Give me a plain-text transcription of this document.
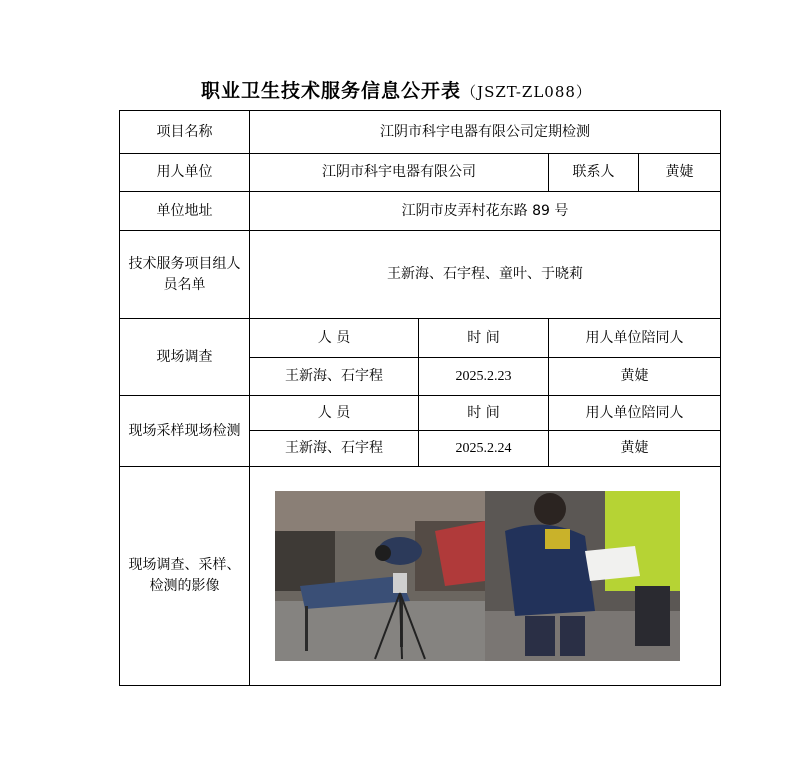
职业卫生技术服务信息公开表（JSZT-ZL088）
项目名称	江阴市科宇电器有限公司定期检测			
用人单位	江阴市科宇电器有限公司		联系人	黄婕
单位地址	江阴市皮弄村花东路 89 号			
技术服务项目组人员名单	王新海、石宇程、童叶、于晓莉			
现场调查	人 员	时 间	用人单位陪同人	
	王新海、石宇程	2025.2.23	黄婕	
现场采样现场检测	人 员	时 间	用人单位陪同人	
	王新海、石宇程	2025.2.24	黄婕	
现场调查、采样、检测的影像	
